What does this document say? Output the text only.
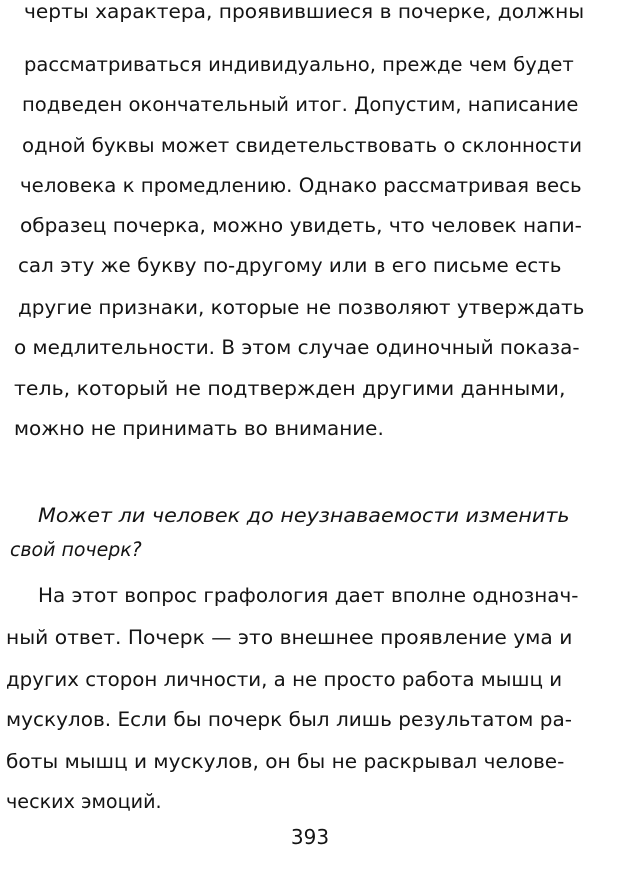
черты характера, проявившиеся в почерке, должны
рассматриваться индивидуально, прежде чем будет
подведен окончательный итог. Допустим, написание
одной буквы может свидетельствовать о склонности
человека к промедлению. Однако рассматривая весь
образец почерка, можно увидеть, что человек напи-
сал эту же букву по-другому или в его письме есть
другие признаки, которые не позволяют утверждать
о медлительности. В этом случае одиночный показа-
тель, который не подтвержден другими данными,
можно не принимать во внимание.
Может ли человек до неузнаваемости изменить
свой почерк?
На этот вопрос графология дает вполне однознач-
ный ответ. Почерк — это внешнее проявление ума и
других сторон личности, а не просто работа мышц и
мускулов. Если бы почерк был лишь результатом ра-
боты мышц и мускулов, он бы не раскрывал челове-
ческих эмоций.
393
